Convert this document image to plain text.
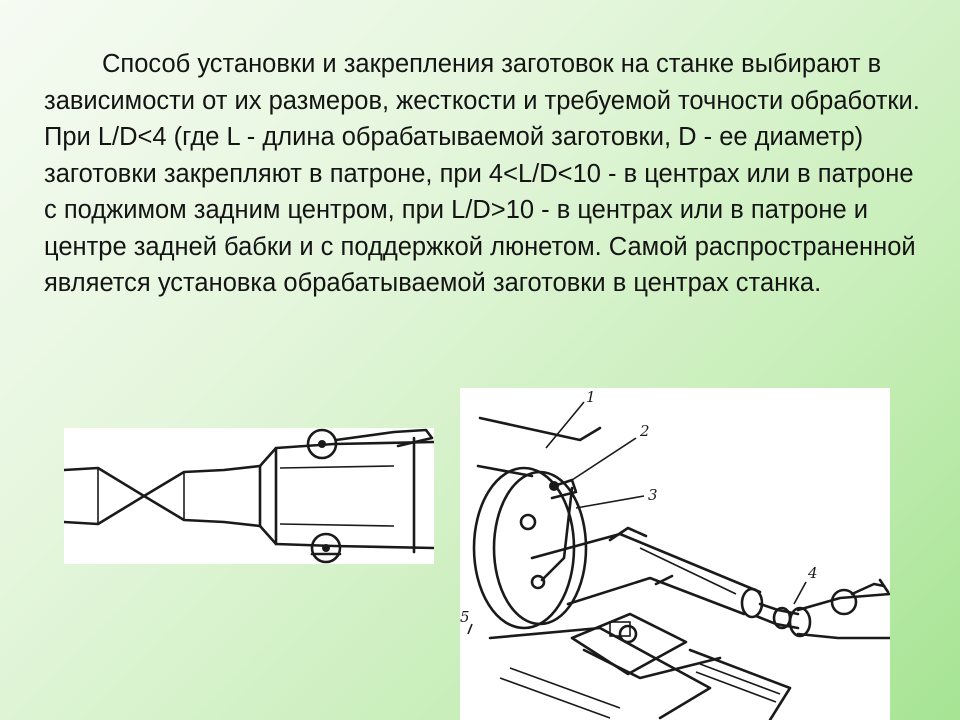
Способ установки и закрепления заготовок на станке выбирают в зависимости от их размеров, жесткости и требуемой точности обработки. При L/D<4 (где L - длина обрабатываемой заготовки, D - ее диаметр) заготовки закрепляют в патроне, при 4<L/D<10 - в центрах или в патроне с поджимом задним центром, при L/D>10 - в центрах или в патроне и центре задней бабки и с поддержкой люнетом. Самой распространенной является установка обрабатываемой заготовки в центрах станка.

1
2
3
4
5
